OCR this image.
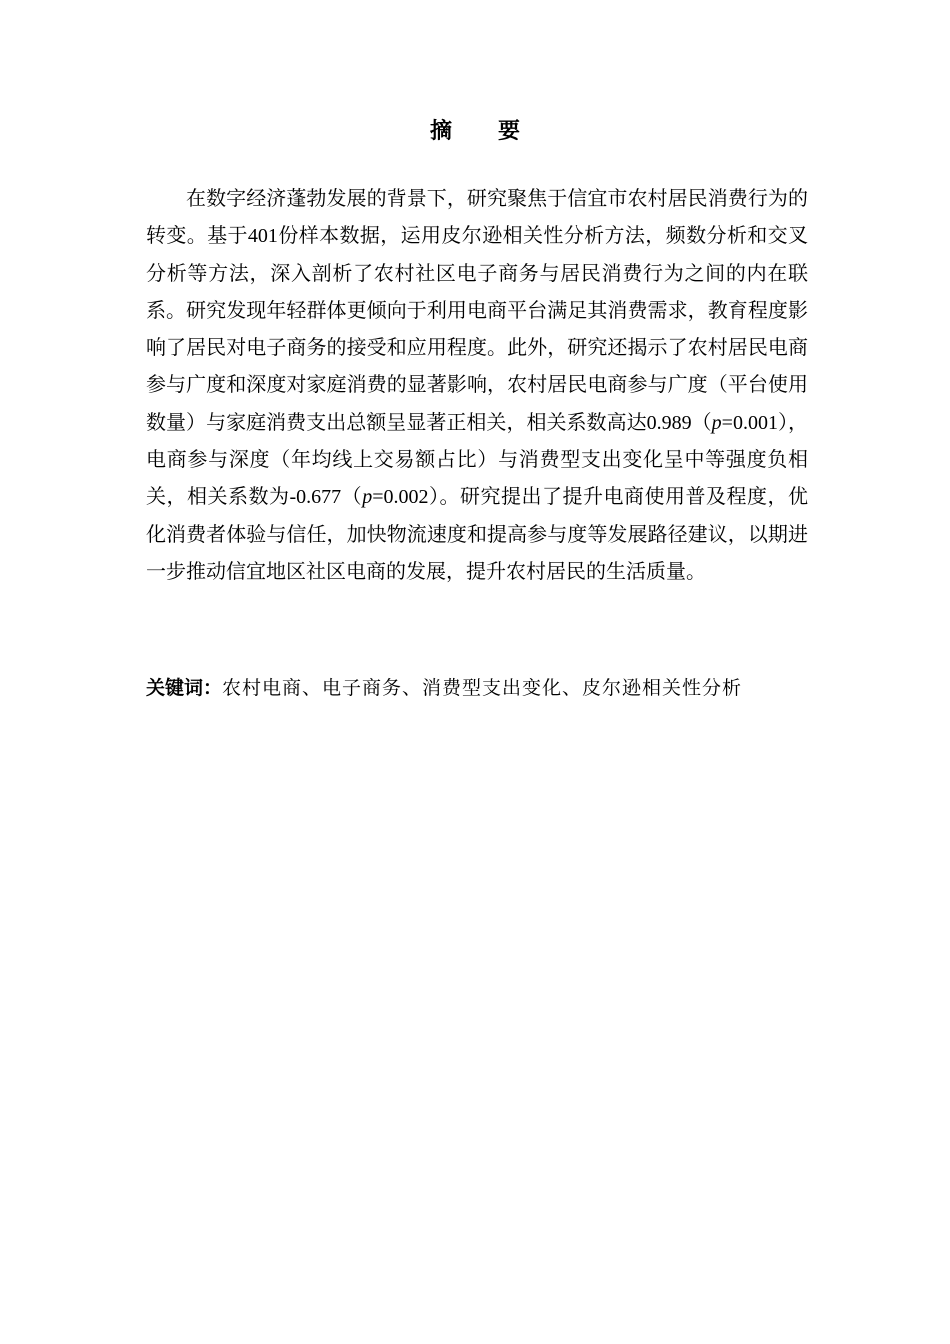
摘 要

在数字经济蓬勃发展的背景下，研究聚焦于信宜市农村居民消费行为的转变。基于401份样本数据，运用皮尔逊相关性分析方法，频数分析和交叉分析等方法，深入剖析了农村社区电子商务与居民消费行为之间的内在联系。研究发现年轻群体更倾向于利用电商平台满足其消费需求，教育程度影响了居民对电子商务的接受和应用程度。此外，研究还揭示了农村居民电商参与广度和深度对家庭消费的显著影响，农村居民电商参与广度（平台使用数量）与家庭消费支出总额呈显著正相关，相关系数高达0.989（p=0.001），电商参与深度（年均线上交易额占比）与消费型支出变化呈中等强度负相关，相关系数为-0.677（p=0.002）。研究提出了提升电商使用普及程度，优化消费者体验与信任，加快物流速度和提高参与度等发展路径建议，以期进一步推动信宜地区社区电商的发展，提升农村居民的生活质量。

关键词：农村电商、电子商务、消费型支出变化、皮尔逊相关性分析
